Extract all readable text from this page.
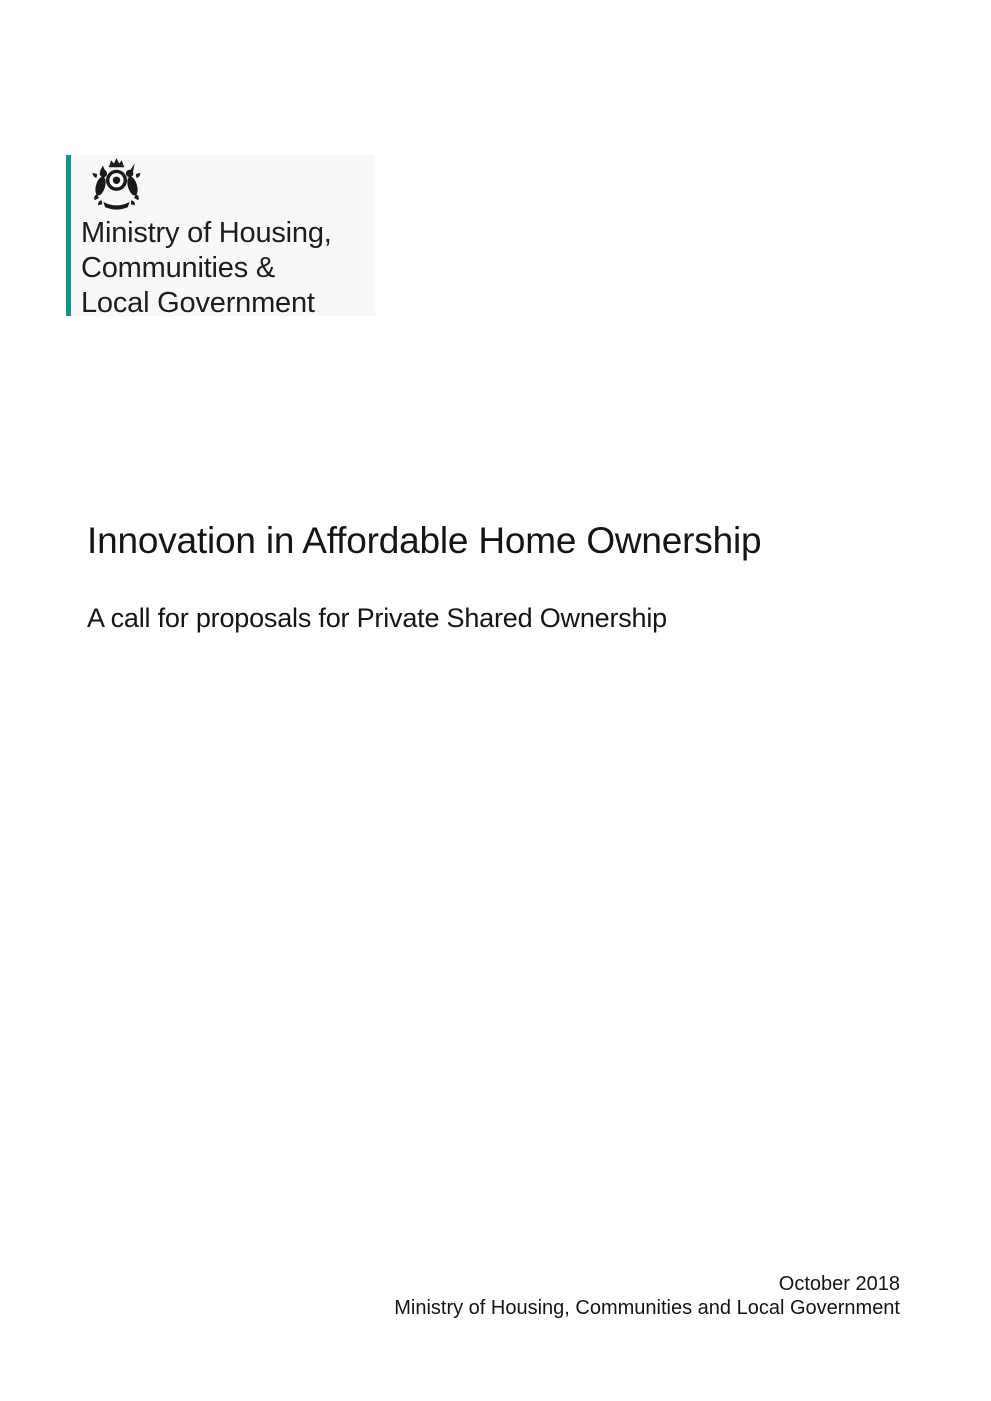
Ministry of Housing,
Communities &
Local Government
Innovation in Affordable Home Ownership
A call for proposals for Private Shared Ownership
October 2018
Ministry of Housing, Communities and Local Government
